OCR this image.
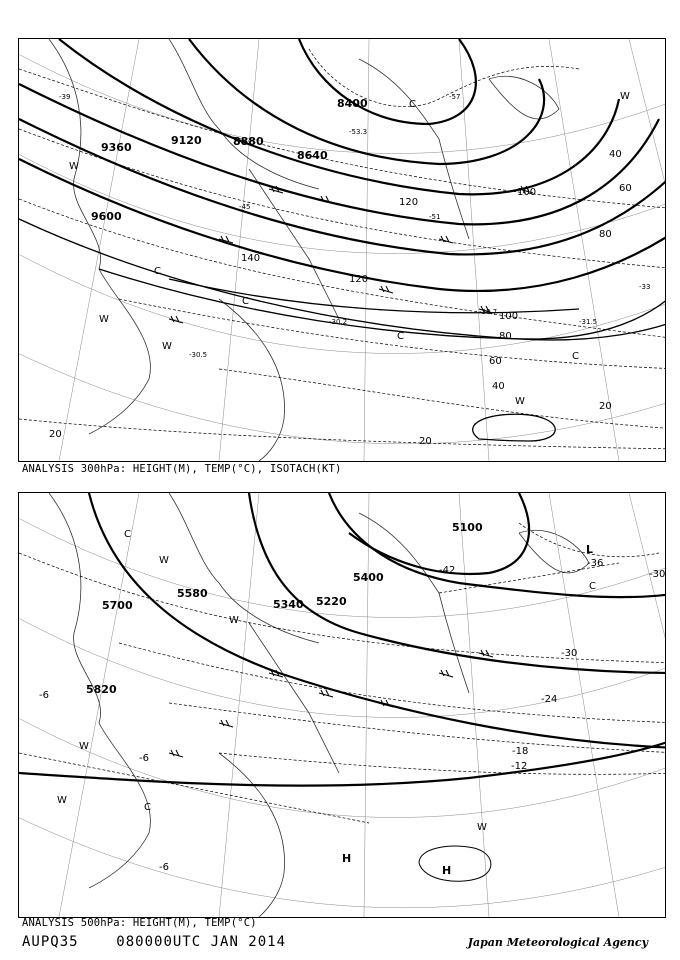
9600
9360
9120	8880
8640
8400
20
40
60
80
100
120
140
120
100
80
60
40
20
20
-30.5
-31.5
-30.7
-30.2
-45
-51
-57
-53.3
-39
-33
W
W
W
W
W
C
C
C
C
C
ANALYSIS 300hPa: HEIGHT(M), TEMP(°C), ISOTACH(KT)
5700
5580
5340 5220
5100
5820
5400
-6
-6
-12
-18
-24
-30
-36
-42	-30
-6
H
H
L
W
W
W
W
W
C
C
C
ANALYSIS 500hPa: HEIGHT(M), TEMP(°C)
AUPQ35	080000UTC JAN 2014	Japan Meteorological Agency
